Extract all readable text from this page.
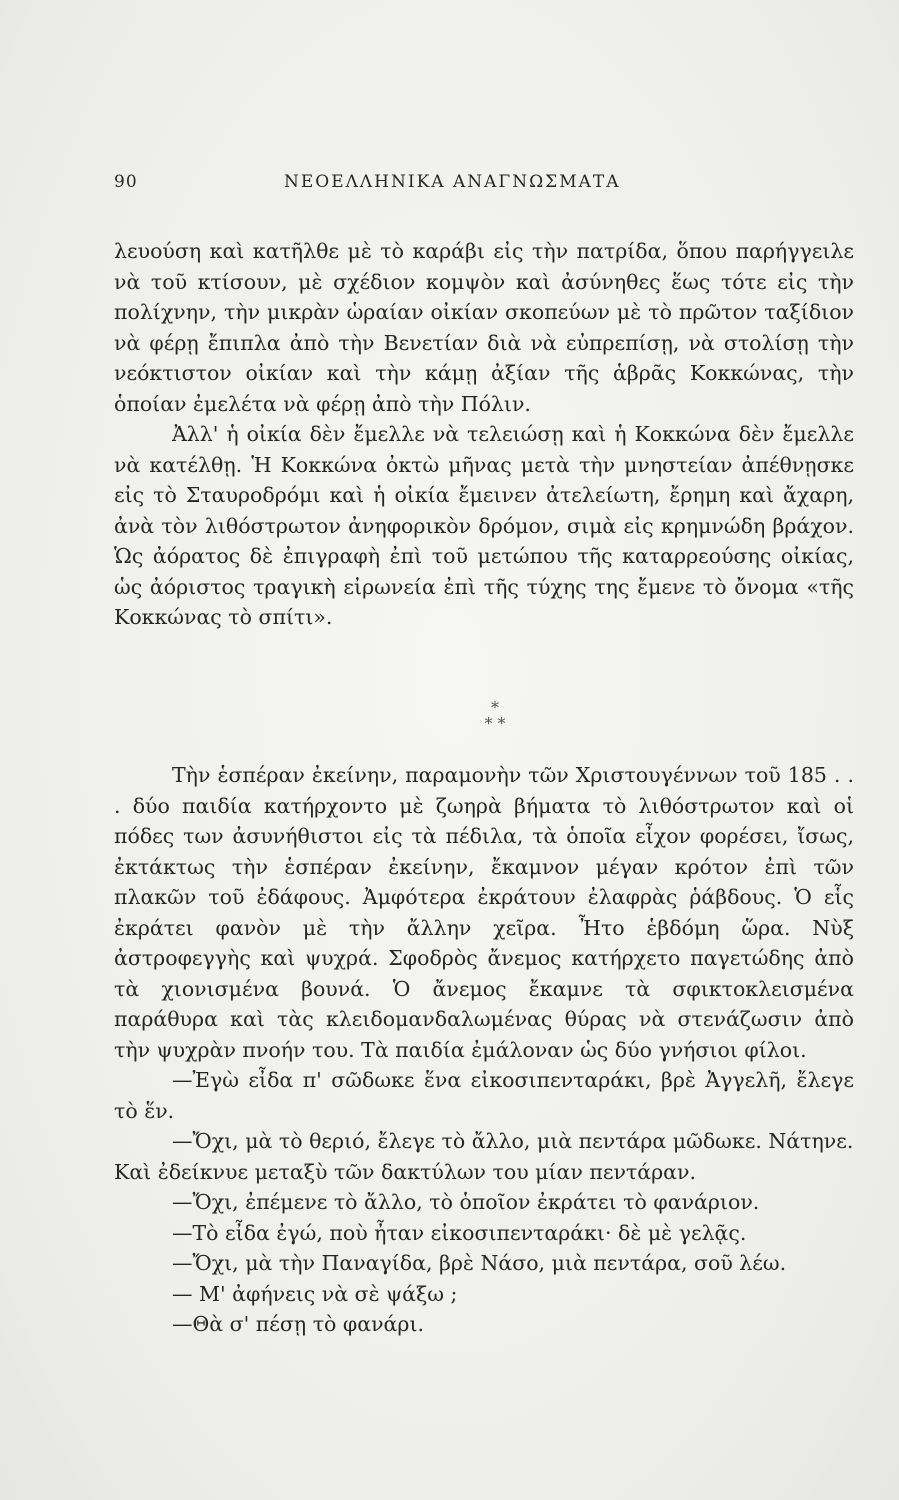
90	ΝΕΟΕΛΛΗΝΙΚΑ ΑΝΑΓΝΩΣΜΑΤΑ

λευούση καὶ κατῆλθε μὲ τὸ καράβι εἰς τὴν πατρίδα, ὅπου παρήγγειλε νὰ τοῦ κτίσουν, μὲ σχέδιον κομψὸν καὶ ἀσύνηθες ἕως τότε εἰς τὴν πολίχνην, τὴν μικρὰν ὡραίαν οἰκίαν σκοπεύων μὲ τὸ πρῶτον ταξίδιον νὰ φέρῃ ἔπιπλα ἀπὸ τὴν Βενετίαν διὰ νὰ εὐπρεπίσῃ, νὰ στολίσῃ τὴν νεόκτιστον οἰκίαν καὶ τὴν κάμῃ ἀξίαν τῆς ἁβρᾶς Κοκκώνας, τὴν ὁποίαν ἐμελέτα νὰ φέρῃ ἀπὸ τὴν Πόλιν.

Ἀλλ' ἡ οἰκία δὲν ἔμελλε νὰ τελειώσῃ καὶ ἡ Κοκκώνα δὲν ἔμελλε νὰ κατέλθῃ. Ἡ Κοκκώνα ὀκτὼ μῆνας μετὰ τὴν μνηστείαν ἀπέθνῃσκε εἰς τὸ Σταυροδρόμι καὶ ἡ οἰκία ἔμεινεν ἀτελείωτη, ἔρημη καὶ ἄχαρη, ἀνὰ τὸν λιθόστρωτον ἀνηφορικὸν δρόμον, σιμὰ εἰς κρημνώδη βράχον. Ὡς ἀόρατος δὲ ἐπιγραφὴ ἐπὶ τοῦ μετώπου τῆς καταρρεούσης οἰκίας, ὡς ἀόριστος τραγικὴ εἰρωνεία ἐπὶ τῆς τύχης της ἔμενε τὸ ὄνομα «τῆς Κοκκώνας τὸ σπίτι».

*
* *

Τὴν ἑσπέραν ἐκείνην, παραμονὴν τῶν Χριστουγέννων τοῦ 185 . . . δύο παιδία κατήρχοντο μὲ ζωηρὰ βήματα τὸ λιθόστρωτον καὶ οἱ πόδες των ἀσυνήθιστοι εἰς τὰ πέδιλα, τὰ ὁποῖα εἶχον φορέσει, ἴσως, ἐκτάκτως τὴν ἑσπέραν ἐκείνην, ἔκαμνον μέγαν κρότον ἐπὶ τῶν πλακῶν τοῦ ἐδάφους. Ἀμφότερα ἐκράτουν ἐλαφρὰς ῥάβδους. Ὁ εἷς ἐκράτει φανὸν μὲ τὴν ἄλλην χεῖρα. Ἦτο ἑβδόμη ὥρα. Νὺξ ἀστροφεγγὴς καὶ ψυχρά. Σφοδρὸς ἄνεμος κατήρχετο παγετώδης ἀπὸ τὰ χιονισμένα βουνά. Ὁ ἄνεμος ἔκαμνε τὰ σφικτοκλεισμένα παράθυρα καὶ τὰς κλειδομανδαλωμένας θύρας νὰ στενάζωσιν ἀπὸ τὴν ψυχρὰν πνοήν του. Τὰ παιδία ἐμάλοναν ὡς δύο γνήσιοι φίλοι.

—Ἐγὼ εἶδα π' σῶδωκε ἕνα εἰκοσιπενταράκι, βρὲ Ἀγγελῆ, ἔλεγε τὸ ἕν.

—Ὄχι, μὰ τὸ θεριό, ἔλεγε τὸ ἄλλο, μιὰ πεντάρα μῶδωκε. Νάτηνε.

Καὶ ἐδείκνυε μεταξὺ τῶν δακτύλων του μίαν πεντάραν.

—Ὄχι, ἐπέμενε τὸ ἄλλο, τὸ ὁποῖον ἐκράτει τὸ φανάριον.

—Τὸ εἶδα ἐγώ, ποὺ ἦταν εἰκοσιπενταράκι· δὲ μὲ γελᾷς.

—Ὄχι, μὰ τὴν Παναγίδα, βρὲ Νάσο, μιὰ πεντάρα, σοῦ λέω.

— Μ' ἀφήνεις νὰ σὲ ψάξω ;

—Θὰ σ' πέσῃ τὸ φανάρι.
